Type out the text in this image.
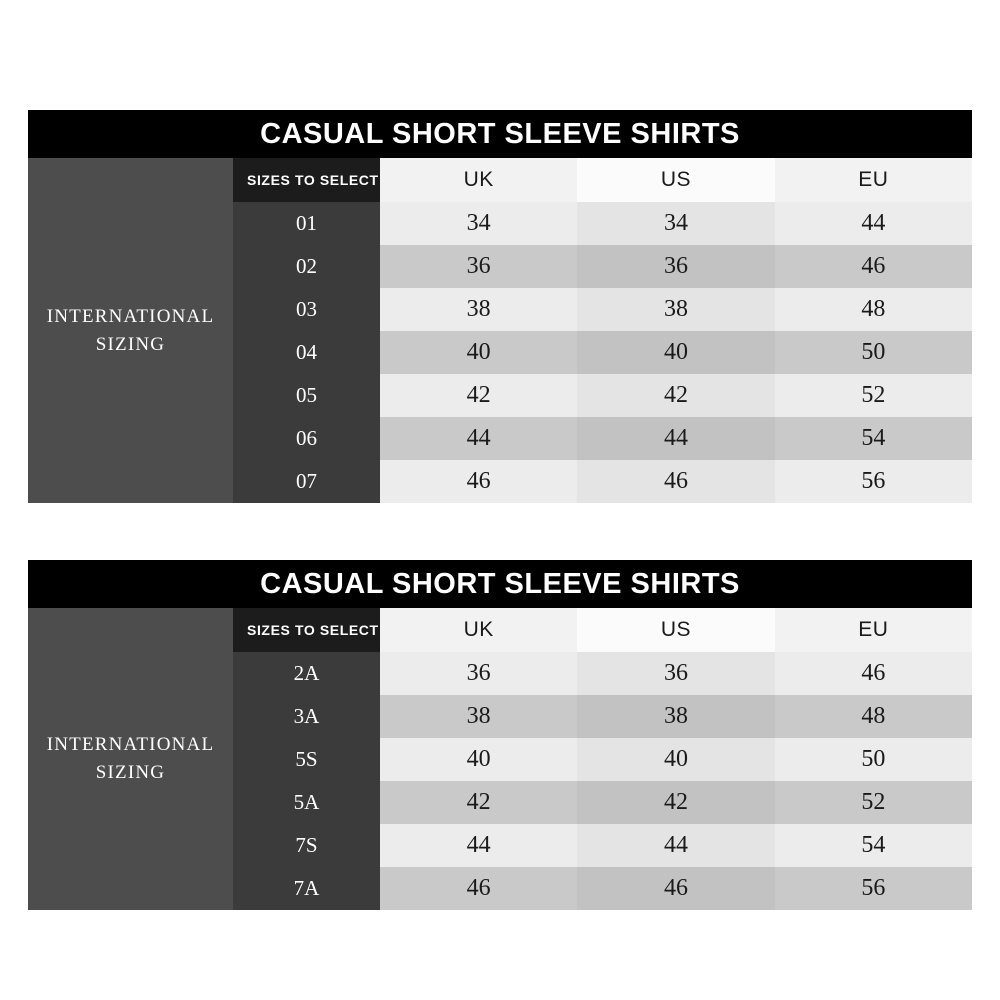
CASUAL SHORT SLEEVE SHIRTS
INTERNATIONAL
SIZING
SIZES TO SELECT	UK	US	EU
01	34	34	44
02	36	36	46
03	38	38	48
04	40	40	50
05	42	42	52
06	44	44	54
07	46	46	56
CASUAL SHORT SLEEVE SHIRTS
INTERNATIONAL
SIZING
SIZES TO SELECT	UK	US	EU
2A	36	36	46
3A	38	38	48
5S	40	40	50
5A	42	42	52
7S	44	44	54
7A	46	46	56
